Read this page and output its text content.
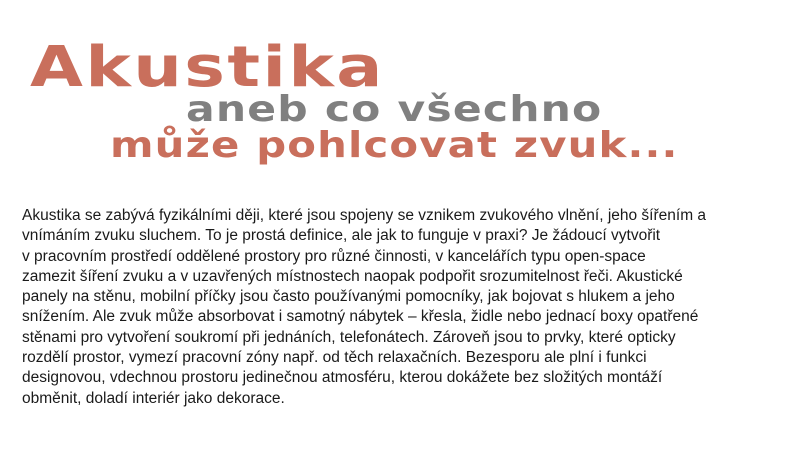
Akustika
aneb co všechno
může pohlcovat zvuk...

Akustika se zabývá fyzikálními ději, které jsou spojeny se vznikem zvukového vlnění, jeho šířením a
vnímáním zvuku sluchem. To je prostá definice, ale jak to funguje v praxi? Je žádoucí vytvořit
v pracovním prostředí oddělené prostory pro různé činnosti, v kancelářích typu open-space
zamezit šíření zvuku a v uzavřených místnostech naopak podpořit srozumitelnost řeči. Akustické
panely na stěnu, mobilní příčky jsou často používanými pomocníky, jak bojovat s hlukem a jeho
snížením. Ale zvuk může absorbovat i samotný nábytek – křesla, židle nebo jednací boxy opatřené
stěnami pro vytvoření soukromí při jednáních, telefonátech. Zároveň jsou to prvky, které opticky
rozdělí prostor, vymezí pracovní zóny např. od těch relaxačních. Bezesporu ale plní i funkci
designovou, vdechnou prostoru jedinečnou atmosféru, kterou dokážete bez složitých montáží
obměnit, doladí interiér jako dekorace.
